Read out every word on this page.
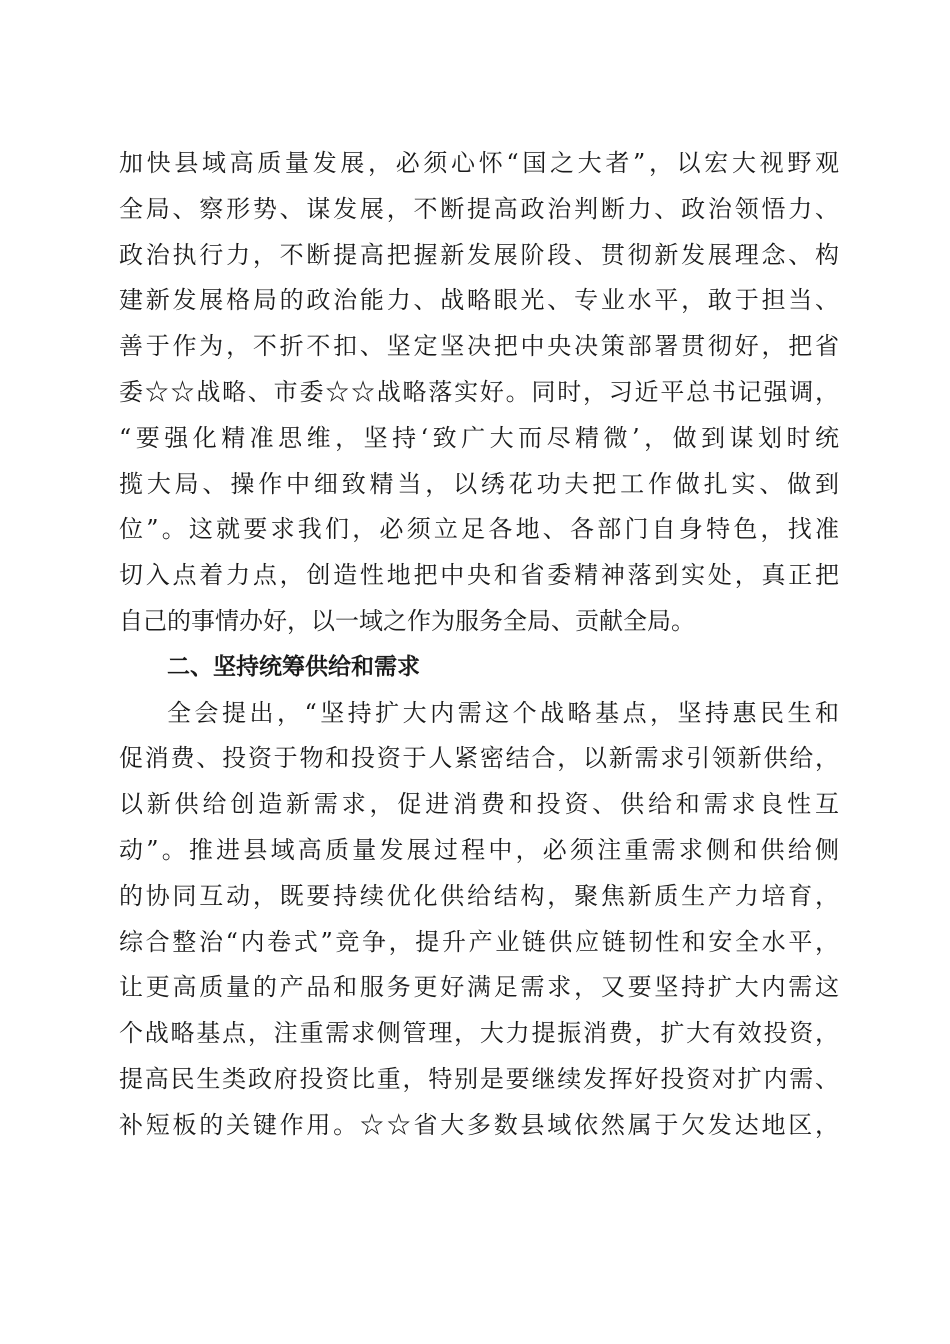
加快县域高质量发展，必须心怀“国之大者”，以宏大视野观
全局、察形势、谋发展，不断提高政治判断力、政治领悟力、
政治执行力，不断提高把握新发展阶段、贯彻新发展理念、构
建新发展格局的政治能力、战略眼光、专业水平，敢于担当、
善于作为，不折不扣、坚定坚决把中央决策部署贯彻好，把省
委☆☆战略、市委☆☆战略落实好。同时，习近平总书记强调，
“要强化精准思维，坚持‘致广大而尽精微’，做到谋划时统
揽大局、操作中细致精当，以绣花功夫把工作做扎实、做到
位”。这就要求我们，必须立足各地、各部门自身特色，找准
切入点着力点，创造性地把中央和省委精神落到实处，真正把
自己的事情办好，以一域之作为服务全局、贡献全局。
二、坚持统筹供给和需求
全会提出，“坚持扩大内需这个战略基点，坚持惠民生和
促消费、投资于物和投资于人紧密结合，以新需求引领新供给，
以新供给创造新需求，促进消费和投资、供给和需求良性互
动”。推进县域高质量发展过程中，必须注重需求侧和供给侧
的协同互动，既要持续优化供给结构，聚焦新质生产力培育，
综合整治“内卷式”竞争，提升产业链供应链韧性和安全水平，
让更高质量的产品和服务更好满足需求，又要坚持扩大内需这
个战略基点，注重需求侧管理，大力提振消费，扩大有效投资，
提高民生类政府投资比重，特别是要继续发挥好投资对扩内需、
补短板的关键作用。☆☆省大多数县域依然属于欠发达地区，
